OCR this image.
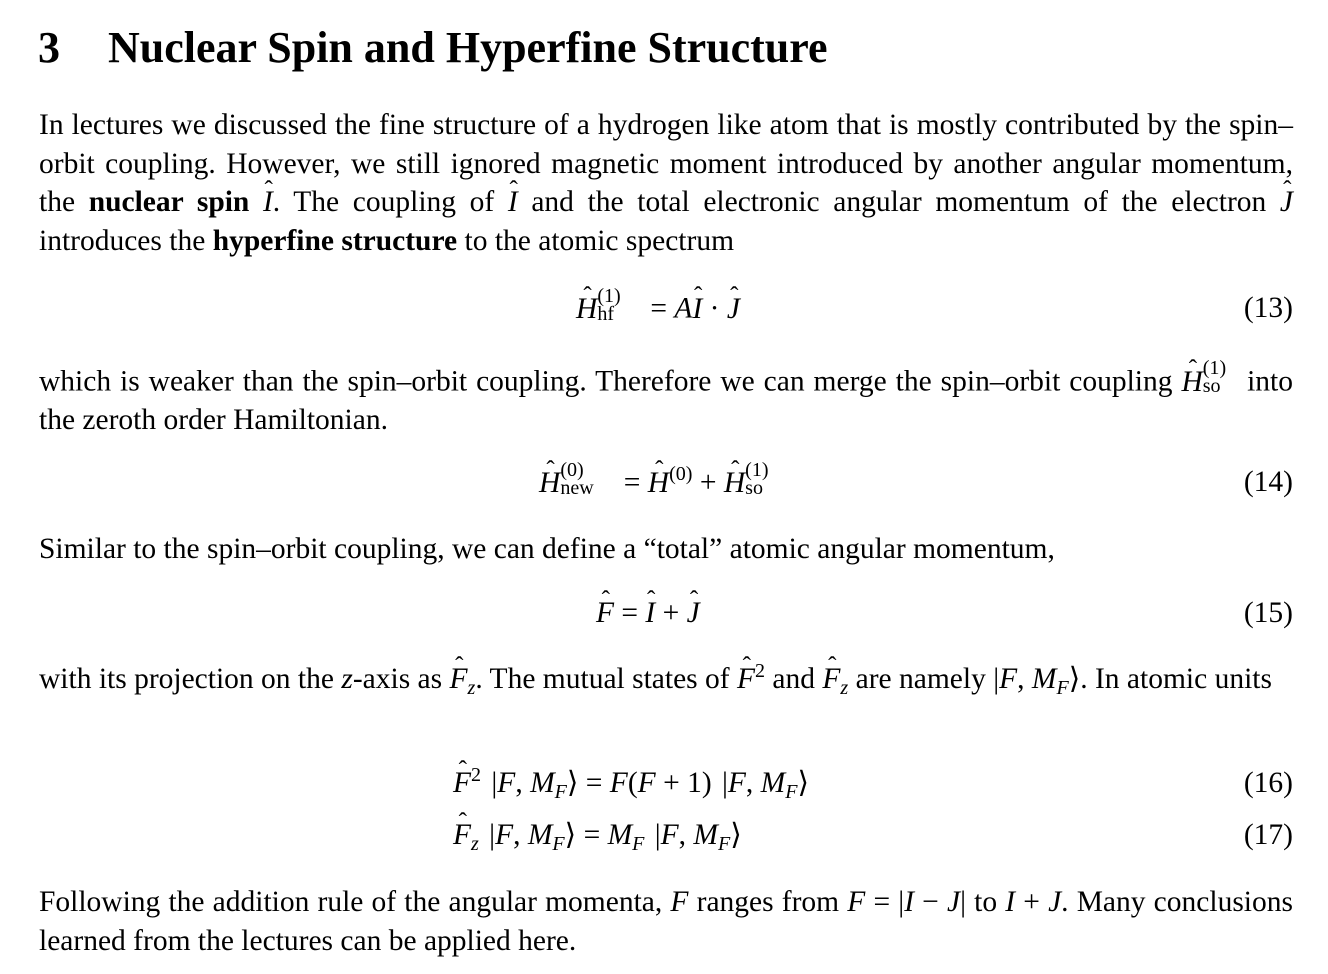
3 Nuclear Spin and Hyperfine Structure
In lectures we discussed the fine structure of a hydrogen like atom that is mostly contributed by the spin–orbit coupling. However, we still ignored magnetic moment introduced by another angular momentum, the nuclear spin ˆ I. The coupling of ˆ I and the total electronic angular momentum of the electron ˆ J introduces the hyperfine structure to the atomic spectrum
ˆ H (1)
hf = Aˆ I · ˆ J	(13)
which is weaker than the spin–orbit coupling. Therefore we can merge the spin–orbit coupling ˆ H (1)
so into the zeroth order Hamiltonian.
ˆ H (0)
new = ˆ $H^{(0)}$ + ˆ H (1)
so	(14)
Similar to the spin–orbit coupling, we can define a “total” atomic angular momentum,
ˆ F = ˆ I + ˆ J	(15)
with its projection on the z-axis as ˆ $F_z$. The mutual states of ˆ $F^2$ and ˆ $F_z$ are namely |F, $M_F⟩$. In atomic units
ˆ $F^2$ |F, $M_F⟩ = F(F + 1)$ |F, $M_F⟩$	(16)
ˆ $F_z$ |F, $M_F⟩ = M_F$ |F, $M_F⟩$	(17)
Following the addition rule of the angular momenta, F ranges from F = |I − J| to I + J. Many conclusions learned from the lectures can be applied here.
